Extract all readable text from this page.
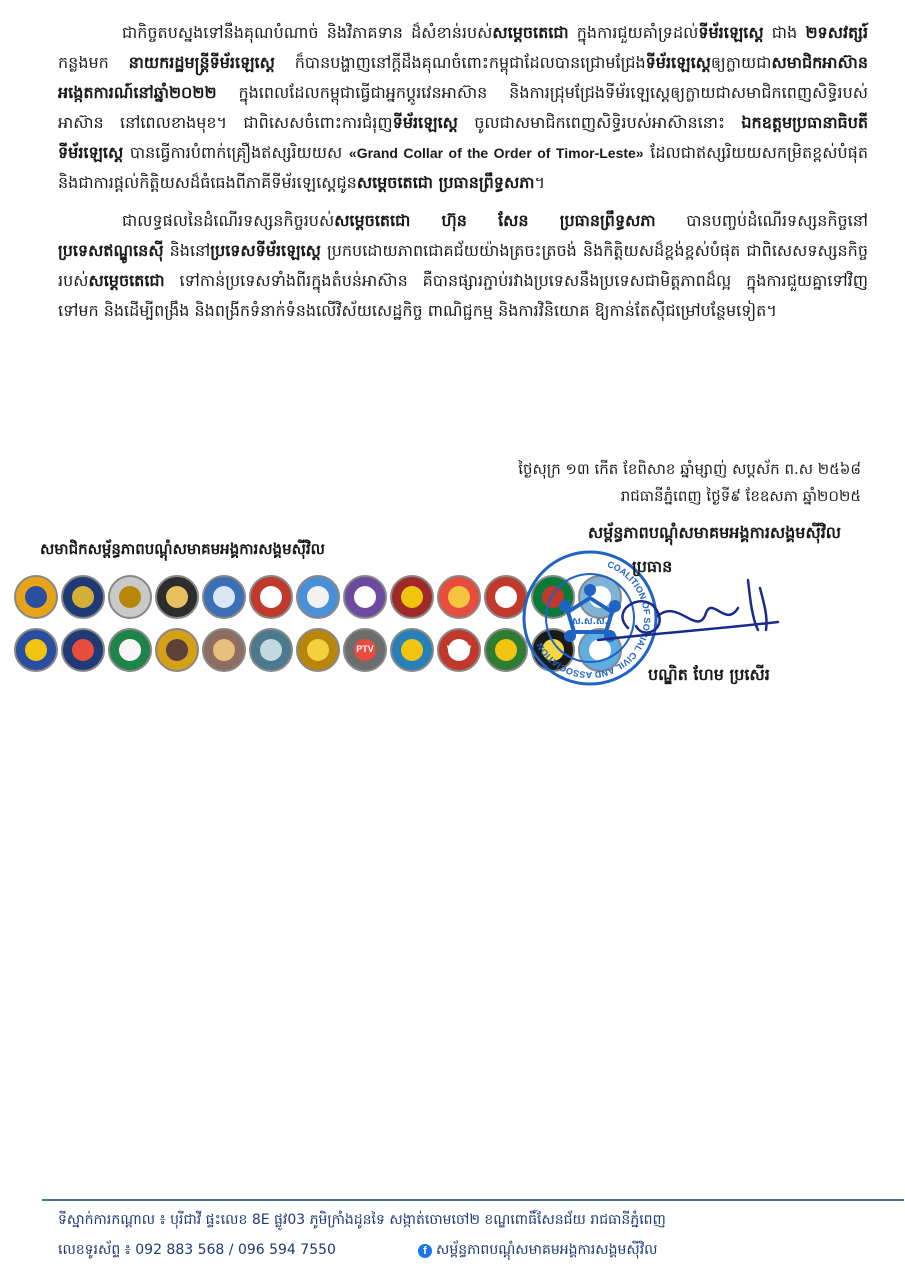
ជាកិច្ចតបស្នងទៅនឹងគុណបំណាច់ និងវិភាគទាន ដ៏សំខាន់របស់សម្តេចតេជោ ក្នុងការជួយគាំទ្រដល់ទីម័រឡេស្តេ ជាង ២ទសវត្សរ៍ កន្លងមក នាយករដ្ឋមន្ត្រីទីម័រឡេស្តេ ក៏បានបង្ហាញនៅក្តីដឹងគុណចំពោះកម្ពុជាដែលបានជ្រោមជ្រែងទីម័រឡេស្តេឲ្យក្លាយជាសមាជិកអាស៊ានអង្កេតការណ៍នៅឆ្នាំ២០២២ ក្នុងពេលដែលកម្ពុជាធ្វើជាអ្នកប្តូរវេនអាស៊ាន និងការជ្រុមជ្រែងទីម័រឡេស្តេឲ្យក្លាយជាសមាជិកពេញសិទ្ធិរបស់អាស៊ាន នៅពេលខាងមុខ។ ជាពិសេសចំពោះការជំរុញទីម័រឡេស្តេ ចូលជាសមាជិកពេញសិទ្ធិរបស់អាស៊ាននោះ ឯកឧត្តមប្រធានាធិបតីទីម័រឡេស្តេ បានធ្វើការបំពាក់គ្រឿងឥស្សរិយយស «Grand Collar of the Order of Timor-Leste» ដែលជាឥស្សរិយយសកម្រិតខ្ពស់បំផុត និងជាការផ្តល់កិត្តិយសដ៏ធំធេងពីភាគីទីម័រឡេស្តេជូនសម្តេចតេជោ ប្រធានព្រឹទ្ធសភា។

ជាលទ្ធផលនៃដំណើរទស្សនកិច្ចរបស់សម្តេចតេជោ ហ៊ុន សែន ប្រធានព្រឹទ្ធសភា បានបញ្ចប់ដំណើរទស្សនកិច្ចនៅប្រទេសឥណ្ឌូនេស៊ី និងនៅប្រទេសទីម័រឡេស្តេ ប្រកបដោយភាពជោគជ័យយ៉ាងត្រចះត្រចង់ និងកិត្តិយសដ៏ខ្ពង់ខ្ពស់បំផុត ជាពិសេសទស្សនកិច្ច របស់សម្តេចតេជោ ទៅកាន់ប្រទេសទាំងពីរក្នុងតំបន់អាស៊ាន គឺបានផ្សារភ្ជាប់រវាងប្រទេសនឹងប្រទេសជាមិត្តភាពដ៏ល្អ ក្នុងការជួយគ្នាទៅវិញទៅមក និងដើម្បីពង្រឹង និងពង្រីកទំនាក់ទំនងលើវិស័យសេដ្ឋកិច្ច ពាណិជ្ជកម្ម និងការវិនិយោគ ឱ្យកាន់តែស៊ីជម្រៅបន្ថែមទៀត។

ថ្ងៃសុក្រ ១៣ កើត ខែពិសាខ ឆ្នាំម្សាញ់ សប្តស័ក ព.ស ២៥៦៨
រាជធានីភ្នំពេញ ថ្ងៃទី៩ ខែឧសភា ឆ្នាំ២០២៥
សម្ព័ន្ធភាពបណ្តុំសមាគមអង្គការសង្គមស៊ីវិល
សមាជិកសម្ព័ន្ធភាពបណ្តុំសមាគមអង្គការសង្គមស៊ីវិល
PTV	WOW
COALITION OF SOCIAL CIVIL AND ASSOCIATION
ស.ស.ស.
ប្រធាន
បណ្ឌិត ហែម ប្រសើរ
ទីស្នាក់ការកណ្តាល ៖ បុរីជាវី ផ្ទះលេខ 8E ផ្លូវ03 ភូមិក្រាំងដូនទៃ សង្កាត់ចោមចៅ២ ខណ្ឌពោធិ៍សែនជ័យ រាជធានីភ្នំពេញ
លេខទូរស័ព្ទ ៖ 092 883 568 / 096 594 7550	f សម្ព័ន្ធភាពបណ្តុំសមាគមអង្គការសង្គមស៊ីវិល
